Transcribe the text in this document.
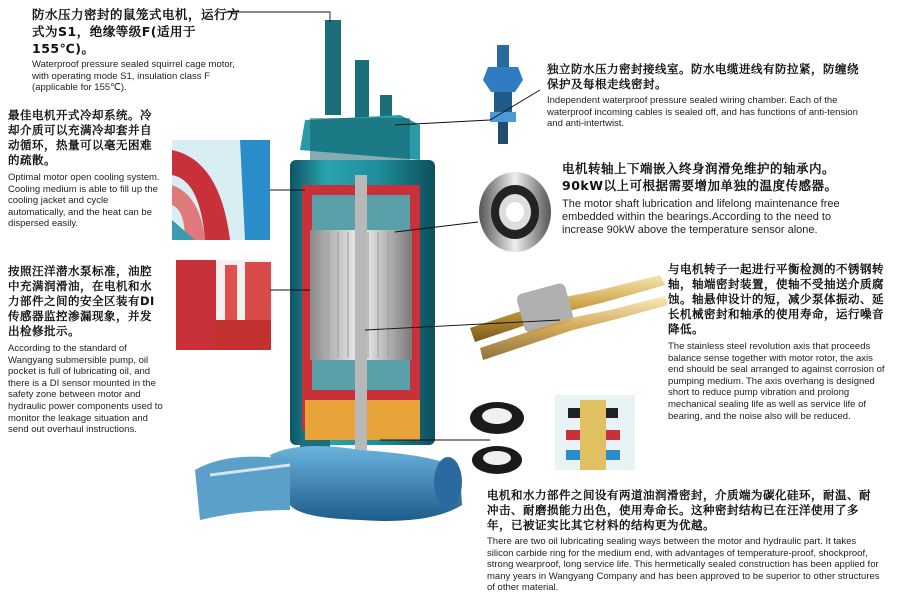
防水压力密封的鼠笼式电机，运行方式为S1，绝缘等级F(适用于155℃)。
Waterproof pressure sealed squirrel cage motor, with operating mode S1, insulation class F (applicable for 155℃).
独立防水压力密封接线室。防水电缆进线有防拉紧，防缠绕保护及每根走线密封。
Independent waterproof pressure sealed wiring chamber. Each of the waterproof incoming cables is sealed off, and has functions of anti-tension and anti-intertwist.
最佳电机开式冷却系统。冷却介质可以充满冷却套并自动循环，热量可以毫无困难的疏散。
Optimal motor open cooling system. Cooling medium is able to fill up the cooling jacket and cycle automatically, and the heat can be dispersed easily.
电机转轴上下端嵌入终身润滑免维护的轴承内。90kW以上可根据需要增加单独的温度传感器。
The motor shaft lubrication and lifelong maintenance free embedded within the bearings.According to the need to increase 90kW above the temperature sensor alone.
按照汪洋潜水泵标准，油腔中充满润滑油，在电机和水力部件之间的安全区装有DI传感器监控渗漏现象，并发出检修批示。
According to the standard of Wangyang submersible pump, oil pocket is full of lubricating oil, and there is a DI sensor mounted in the safety zone between motor and hydraulic power components used to monitor the leakage situation and send out overhaul instructions.
与电机转子一起进行平衡检测的不锈钢转轴，轴端密封装置，使轴不受抽送介质腐蚀。轴悬伸设计的短，减少泵体振动、延长机械密封和轴承的使用寿命，运行噪音降低。
The stainless steel revolution axis that proceeds balance sense together with motor rotor, the axis end should be seal arranged to against corrosion of pumping medium. The axis overhang is designed short to reduce pump vibration and prolong mechanical sealing life as well as service life of bearing, and the noise also will be reduced.
电机和水力部件之间设有两道油润滑密封，介质端为碳化硅环，耐温、耐冲击、耐磨损能力出色，使用寿命长。这种密封结构已在汪洋使用了多年，已被证实比其它材料的结构更为优越。
There are two oil lubricating sealing ways between the motor and hydraulic part. It takes silicon carbide ring for the medium end, with advantages of temperature-proof, shockproof, strong wearproof, long service life. This hermetically sealed construction has been applied for many years in Wangyang Company and has been approved to be superior to other structures of other material.
